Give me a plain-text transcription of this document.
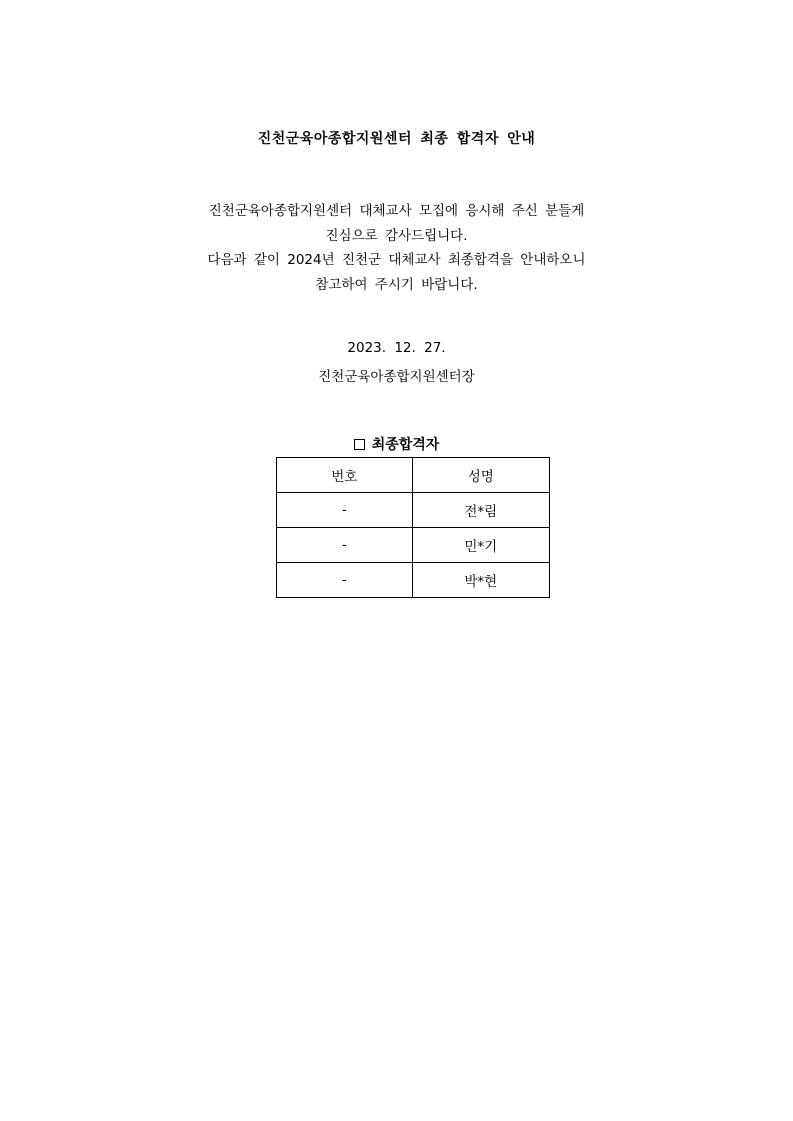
진천군육아종합지원센터 최종 합격자 안내
진천군육아종합지원센터 대체교사 모집에 응시해 주신 분들게
진심으로 감사드립니다.
다음과 같이 2024년 진천군 대체교사 최종합격을 안내하오니
참고하여 주시기 바랍니다.
2023. 12. 27.
진천군육아종합지원센터장
최종합격자
번호	성명
-	전*림
-	민*기
-	박*현
